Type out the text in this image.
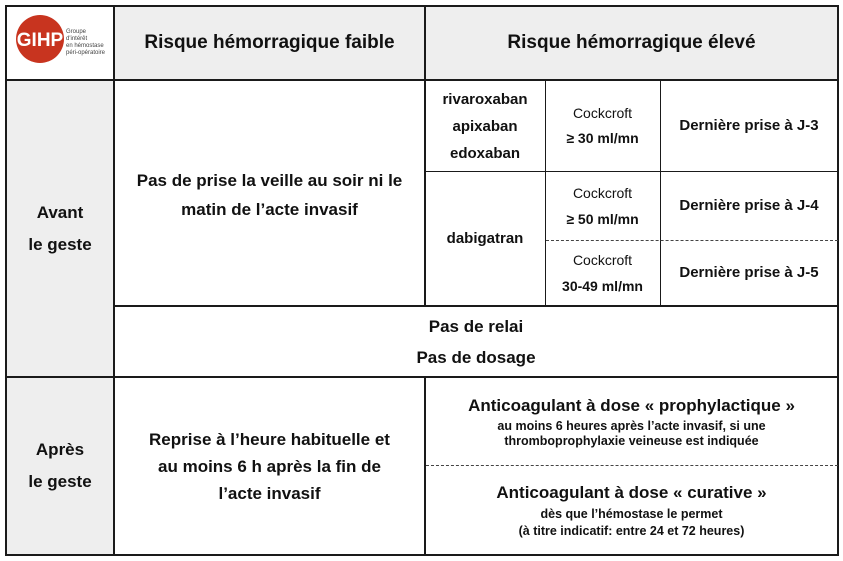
GIHP Groupe d'intérêt
en hémostase
péri-opératoire Risque hémorragique faible	Risque hémorragique élevé
Avant
le geste
Après
le geste
Pas de prise la veille au soir ni le
matin de l’acte invasif
rivaroxaban
apixaban
edoxaban
dabigatran
Cockcroft
≥ 30 ml/mn
Dernière prise à J-3
Cockcroft
≥ 50 ml/mn
Dernière prise à J-4
Cockcroft
30-49 ml/mn
Dernière prise à J-5
Pas de relai
Pas de dosage
Reprise à l’heure habituelle et
au moins 6 h après la fin de
l’acte invasif
Anticoagulant à dose « prophylactique »
au moins 6 heures après l’acte invasif, si une
thromboprophylaxie veineuse est indiquée
Anticoagulant à dose « curative »
dès que l’hémostase le permet
(à titre indicatif: entre 24 et 72 heures)
